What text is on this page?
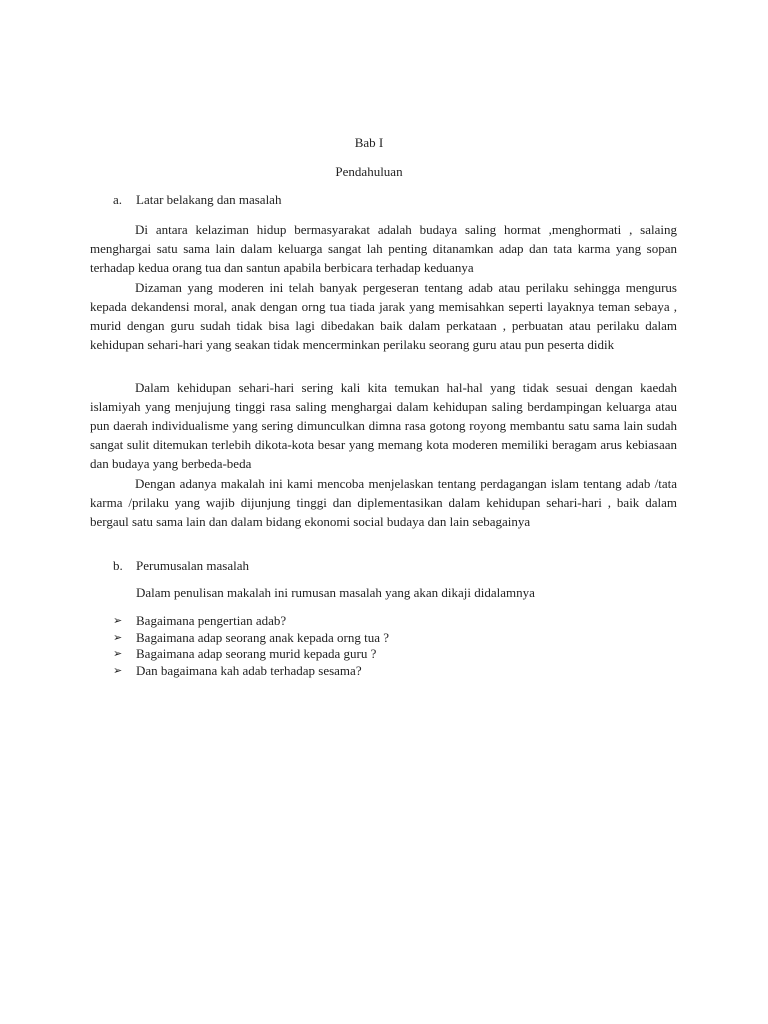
Bab I
Pendahuluan
a. Latar belakang dan masalah

Di antara kelaziman hidup bermasyarakat adalah budaya saling hormat ,menghormati , salaing menghargai satu sama lain dalam keluarga sangat lah penting ditanamkan adap dan tata karma yang sopan terhadap kedua orang tua dan santun apabila berbicara terhadap keduanya

Dizaman yang moderen ini telah banyak pergeseran tentang adab atau perilaku sehingga mengurus kepada dekandensi moral, anak dengan orng tua tiada jarak yang memisahkan seperti layaknya teman sebaya , murid dengan guru sudah tidak bisa lagi dibedakan baik dalam perkataan , perbuatan atau perilaku dalam kehidupan sehari-hari yang seakan tidak mencerminkan perilaku seorang guru atau pun peserta didik

Dalam kehidupan sehari-hari sering kali kita temukan hal-hal yang tidak sesuai dengan kaedah islamiyah yang menjujung tinggi rasa saling menghargai dalam kehidupan saling berdampingan keluarga atau pun daerah individualisme yang sering dimunculkan dimna rasa gotong royong membantu satu sama lain sudah sangat sulit ditemukan terlebih dikota-kota besar yang memang kota moderen memiliki beragam arus kebiasaan dan budaya yang berbeda-beda

Dengan adanya makalah ini kami mencoba menjelaskan tentang perdagangan islam tentang adab /tata karma /prilaku yang wajib dijunjung tinggi dan diplementasikan dalam kehidupan sehari-hari , baik dalam bergaul satu sama lain dan dalam bidang ekonomi social budaya dan lain sebagainya

b. Perumusalan masalah
Dalam penulisan makalah ini rumusan masalah yang akan dikaji didalamnya
➢ Bagaimana pengertian adab?
➢ Bagaimana adap seorang anak kepada orng tua ?
➢ Bagaimana adap seorang murid kepada guru ?
➢ Dan bagaimana kah adab terhadap sesama?
